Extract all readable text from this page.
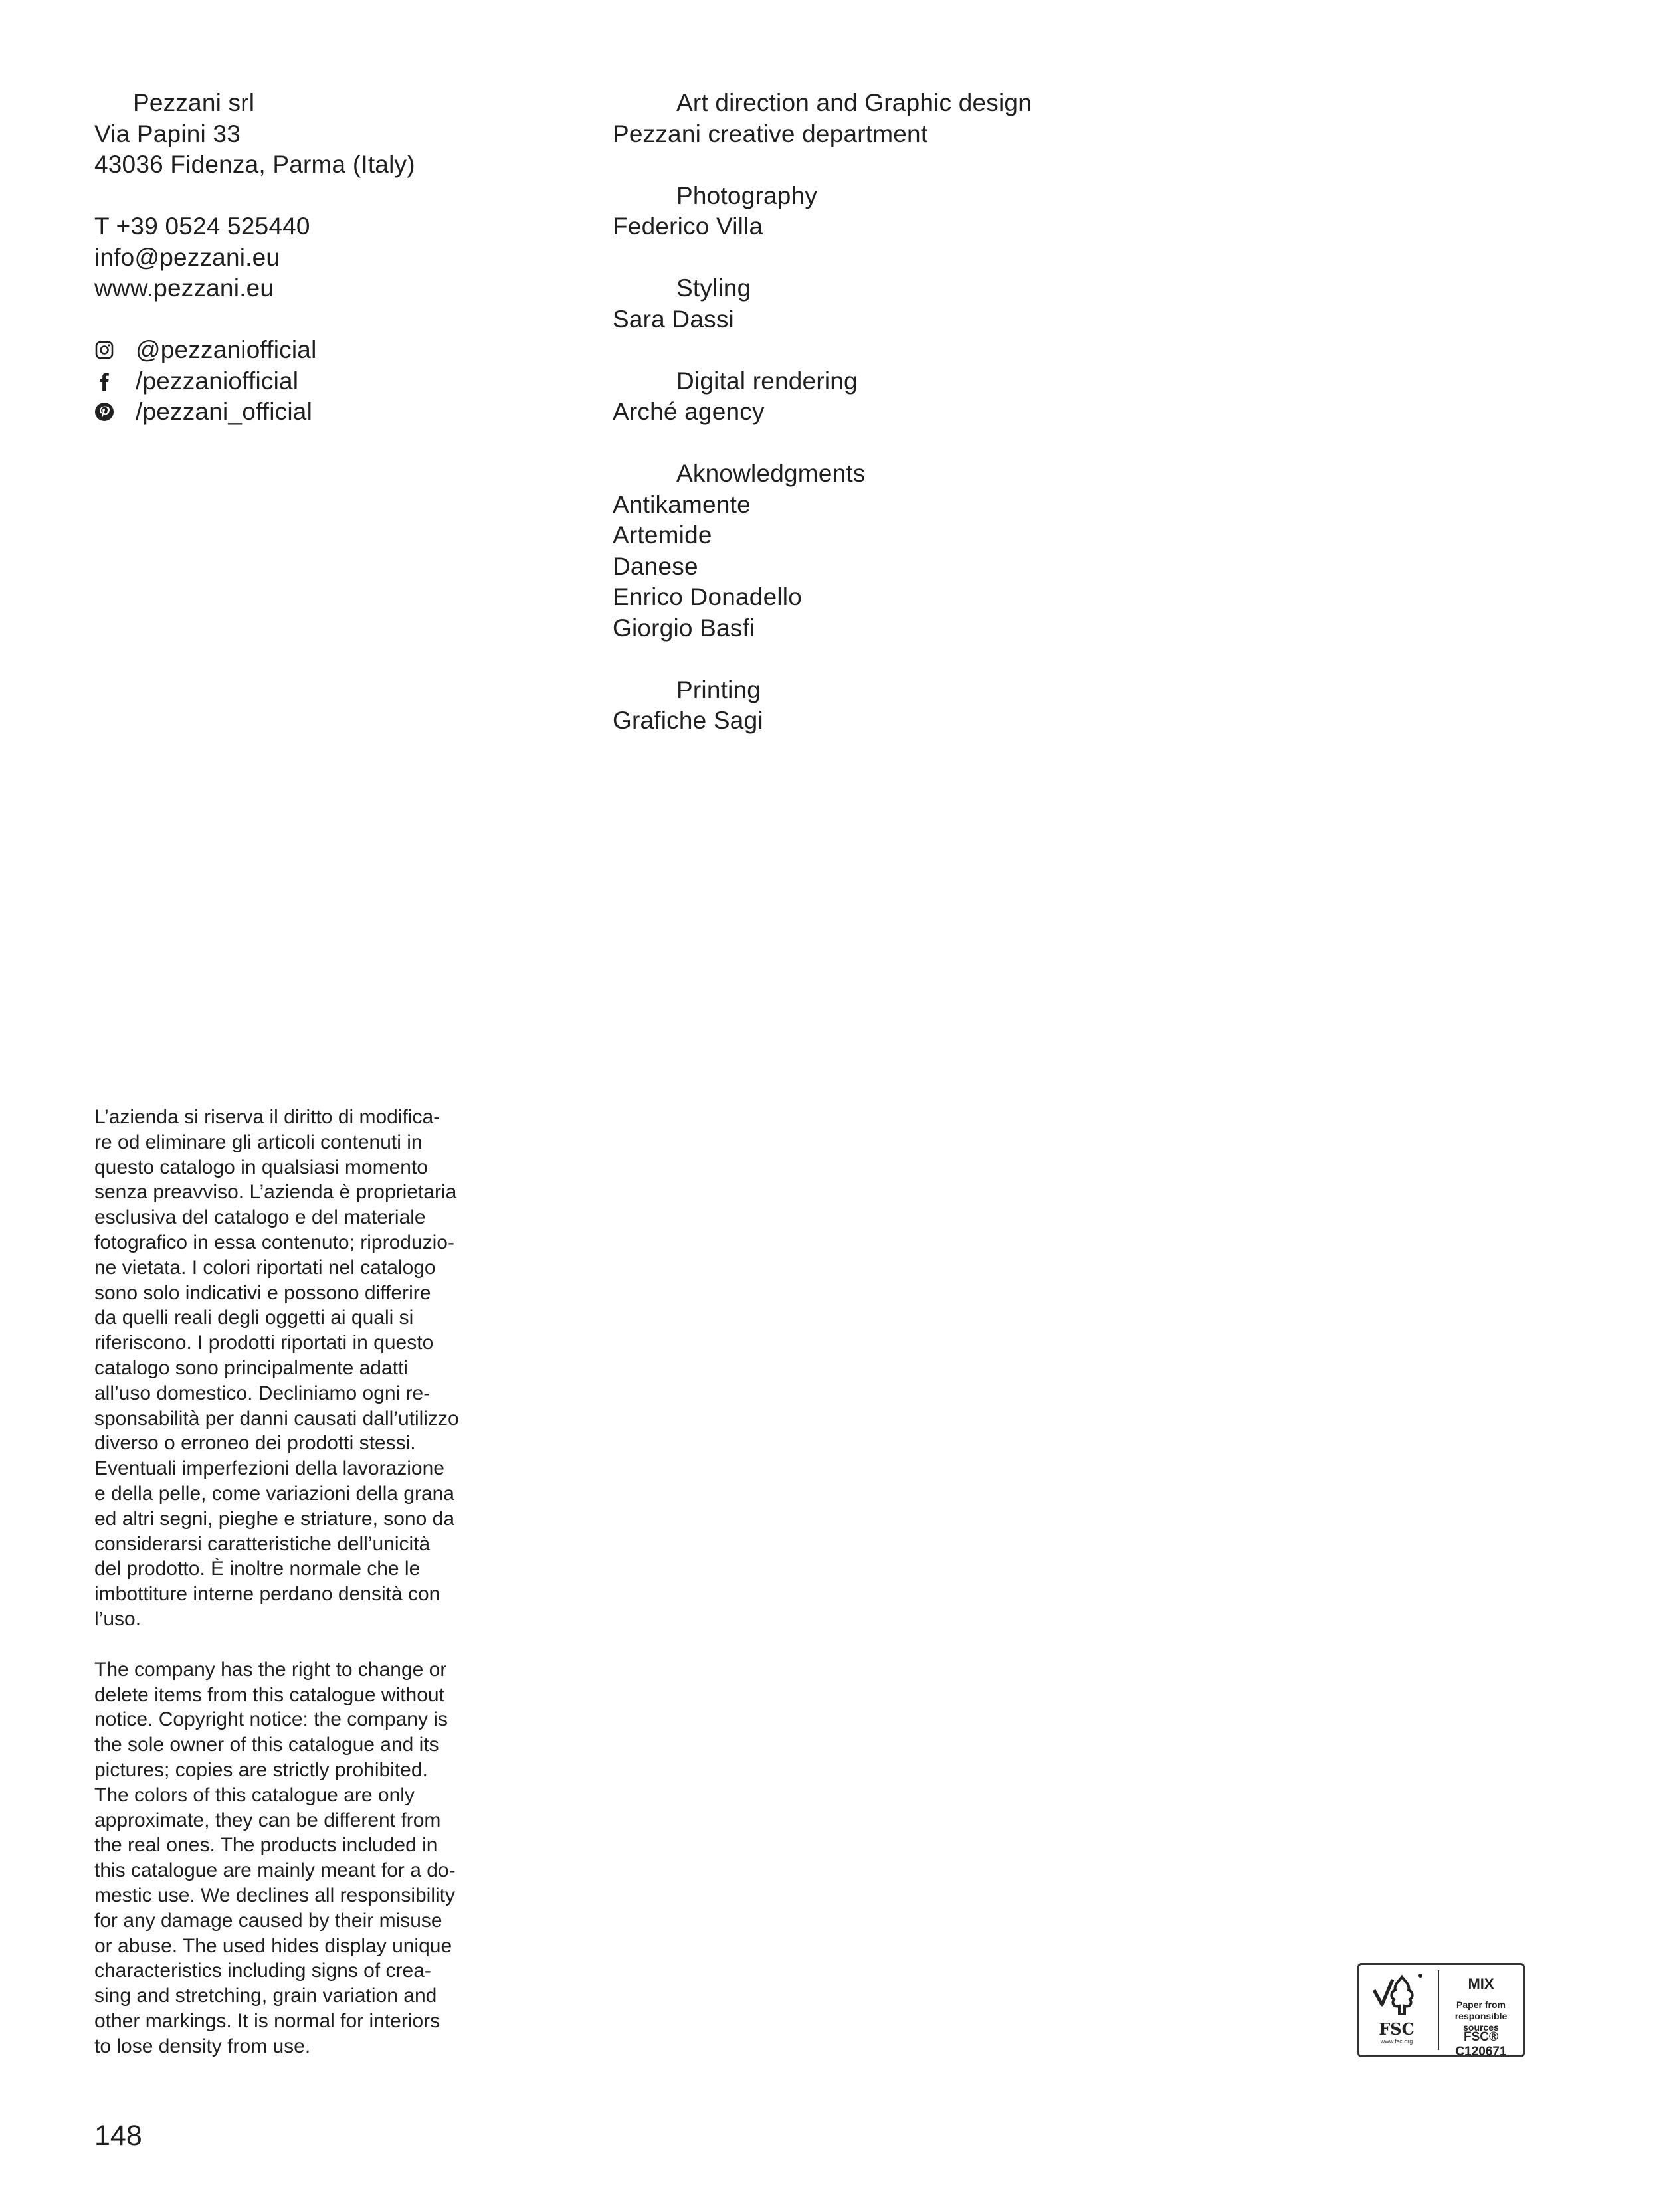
Pezzani srl
Via Papini 33
43036 Fidenza, Parma (Italy)
T +39 0524 525440
info@pezzani.eu
www.pezzani.eu
@pezzaniofficial
/pezzaniofficial
/pezzani_official
Art direction and Graphic design
Pezzani creative department
Photography
Federico Villa
Styling
Sara Dassi
Digital rendering
Arché agency
Aknowledgments
Antikamente
Artemide
Danese
Enrico Donadello
Giorgio Basfi
Printing
Grafiche Sagi

L’azienda si riserva il diritto di modifica-
re od eliminare gli articoli contenuti in
questo catalogo in qualsiasi momento
senza preavviso. L’azienda è proprietaria
esclusiva del catalogo e del materiale
fotografico in essa contenuto; riproduzio-
ne vietata. I colori riportati nel catalogo
sono solo indicativi e possono differire
da quelli reali degli oggetti ai quali si
riferiscono. I prodotti riportati in questo
catalogo sono principalmente adatti
all’uso domestico. Decliniamo ogni re-
sponsabilità per danni causati dall’utilizzo
diverso o erroneo dei prodotti stessi.
Eventuali imperfezioni della lavorazione
e della pelle, come variazioni della grana
ed altri segni, pieghe e striature, sono da
considerarsi caratteristiche dell’unicità
del prodotto. È inoltre normale che le
imbottiture interne perdano densità con
l’uso.

The company has the right to change or
delete items from this catalogue without
notice. Copyright notice: the company is
the sole owner of this catalogue and its
pictures; copies are strictly prohibited.
The colors of this catalogue are only
approximate, they can be different from
the real ones. The products included in
this catalogue are mainly meant for a do-
mestic use. We declines all responsibility
for any damage caused by their misuse
or abuse. The used hides display unique
characteristics including signs of crea-
sing and stretching, grain variation and
other markings. It is normal for interiors
to lose density from use.

148
FSC
www.fsc.org
MIX
Paper from responsible sources
FSC® C120671
